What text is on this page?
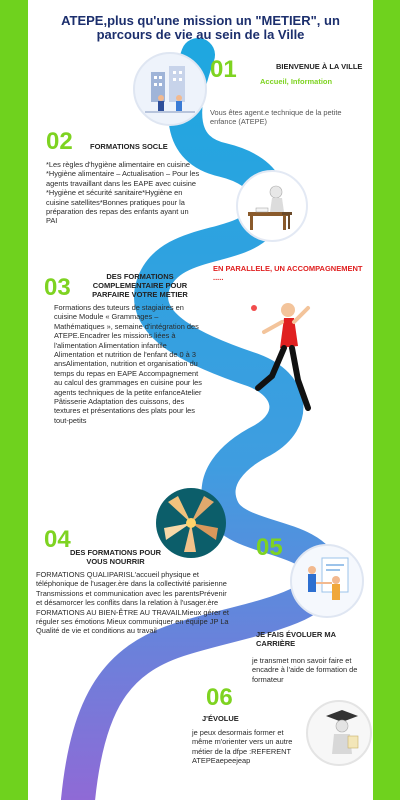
ATEPE,plus qu'une mission un "METIER", un parcours de vie au sein de la Ville

01	BIENVENUE À LA VILLE

Accueil, Information

Vous êtes agent.e technique de la petite enfance (ATEPE)

02 FORMATIONS SOCLE

*Les règles d'hygiène alimentaire en cuisine *Hygiène alimentaire – Actualisation – Pour les agents travaillant dans les EAPE avec cuisine *Hygiène et sécurité sanitaire*Hygiène en cuisine satellites*Bonnes pratiques pour la préparation des repas des enfants ayant un PAI

EN PARALLELE, UN ACCOMPAGNEMENT .....

03	DES FORMATIONS COMPLEMENTAIRE POUR PARFAIRE VOTRE METIER

Formations des tuteurs de stagiaires en cuisine Module « Grammages – Mathématiques », semaine d'intégration des ATEPE.Encadrer les missions liées à l'alimentation Alimentation infantile Alimentation et nutrition de l'enfant de 0 à 3 ansAlimentation, nutrition et organisation du temps du repas en EAPE Accompagnement au calcul des grammages en cuisine pour les agents techniques de la petite enfanceAtelier Pâtisserie Adaptation des cuissons, des textures et présentations des plats pour les tout-petits

04 DES FORMATIONS POUR VOUS NOURRIR

FORMATIONS QUALIPARISL'accueil physique et téléphonique de l'usager.ère dans la collectivité parisienne Transmissions et communication avec les parentsPrévenir et désamorcer les conflits dans la relation à l'usager.ère FORMATIONS AU BIEN-ÊTRE AU TRAVAILMieux gérer et réguler ses émotions Mieux communiquer en équipe JP La Qualité de vie et conditions au travail

05

JE FAIS ÉVOLUER MA CARRIÈRE

je transmet mon savoir faire et encadre à l'aide de formation de formateur

06

J'ÉVOLUE

je peux desormais former et même m'orienter vers un autre métier de la dfpe :REFERENT ATEPEaepeejeap
